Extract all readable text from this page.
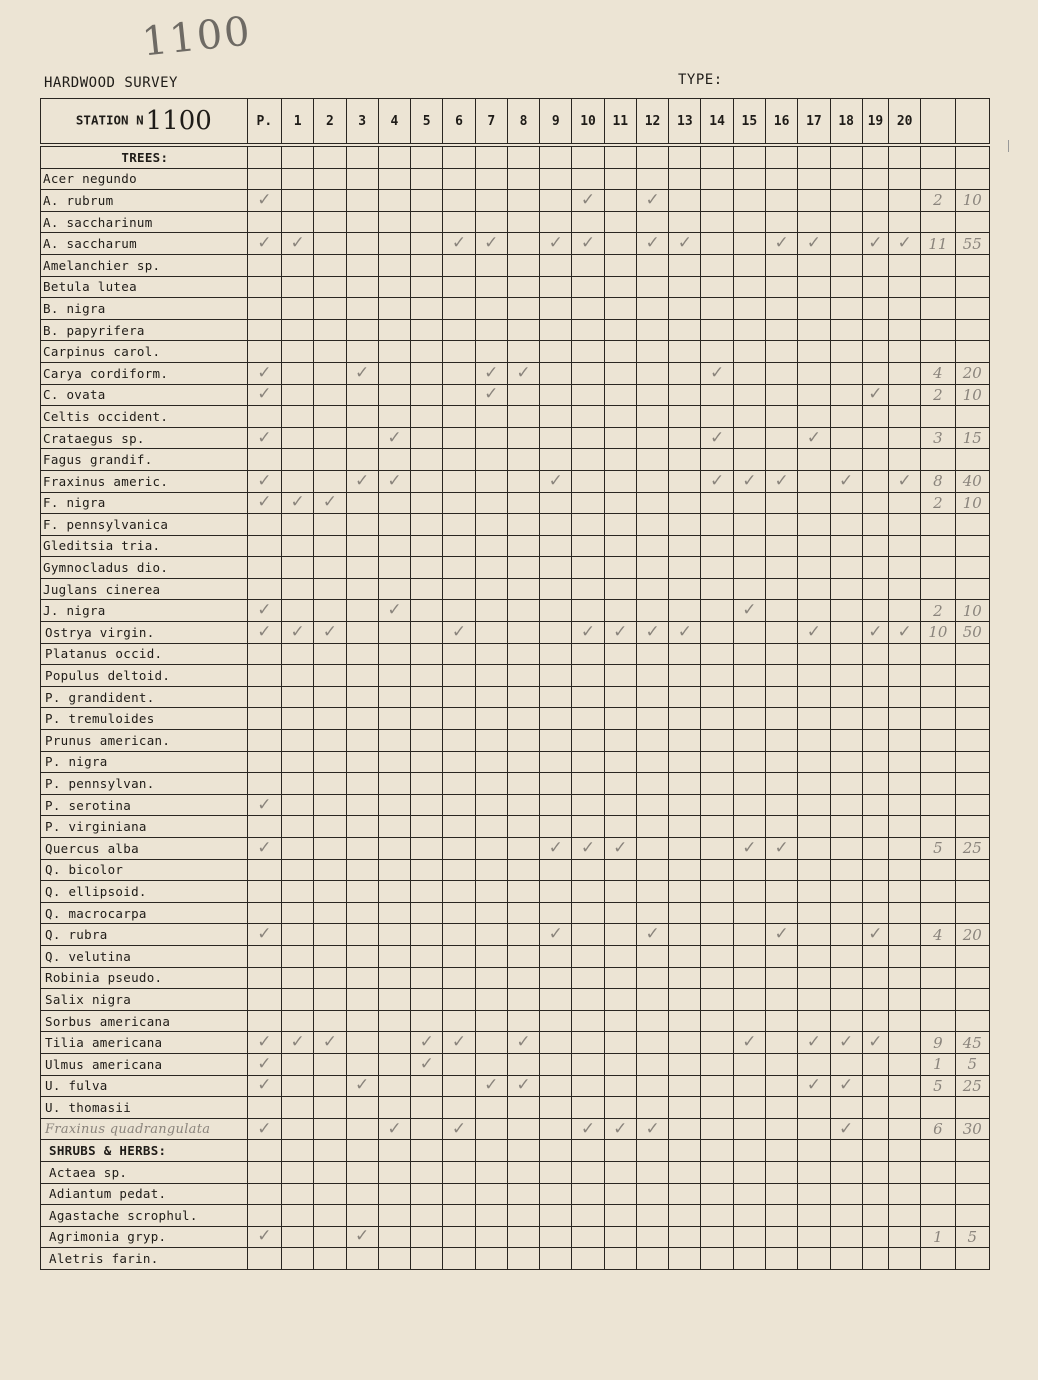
1100
HARDWOOD SURVEY	TYPE:
STATION N1100	P.	1	2	3	4	5	6	7	8	9	10	11	12	13	14	15	16	17	18	19	20		
TREES:																							
Acer negundo																							
A. rubrum	✓										✓		✓									2	10
A. saccharinum																							
A. saccharum	✓	✓					✓	✓		✓	✓		✓	✓			✓	✓		✓	✓	11	55
Amelanchier sp.																							
Betula lutea																							
B. nigra																							
B. papyrifera																							
Carpinus carol.																							
Carya cordiform.	✓			✓				✓	✓						✓							4	20
C. ovata	✓							✓												✓		2	10
Celtis occident.																							
Crataegus sp.	✓				✓										✓			✓				3	15
Fagus grandif.																							
Fraxinus americ.	✓			✓	✓					✓					✓	✓	✓		✓		✓	8	40
F. nigra	✓	✓	✓																			2	10
F. pennsylvanica																							
Gleditsia tria.																							
Gymnocladus dio.																							
Juglans cinerea																							
J. nigra	✓				✓											✓						2	10
Ostrya virgin.	✓	✓	✓				✓				✓	✓	✓	✓				✓		✓	✓	10	50
Platanus occid.																							
Populus deltoid.																							
P. grandident.																							
P. tremuloides																							
Prunus american.																							
P. nigra																							
P. pennsylvan.																							
P. serotina	✓																						
P. virginiana																							
Quercus alba	✓									✓	✓	✓				✓	✓					5	25
Q. bicolor																							
Q. ellipsoid.																							
Q. macrocarpa																							
Q. rubra	✓									✓			✓				✓			✓		4	20
Q. velutina																							
Robinia pseudo.																							
Salix nigra																							
Sorbus americana																							
Tilia americana	✓	✓	✓			✓	✓		✓							✓		✓	✓	✓		9	45
Ulmus americana	✓					✓																1	5
U. fulva	✓			✓				✓	✓									✓	✓			5	25
U. thomasii																							
Fraxinus quadrangulata	✓				✓		✓				✓	✓	✓						✓			6	30
SHRUBS & HERBS:																							
Actaea sp.																							
Adiantum pedat.																							
Agastache scrophul.																							
Agrimonia gryp.	✓			✓																		1	5
Aletris farin.																							
